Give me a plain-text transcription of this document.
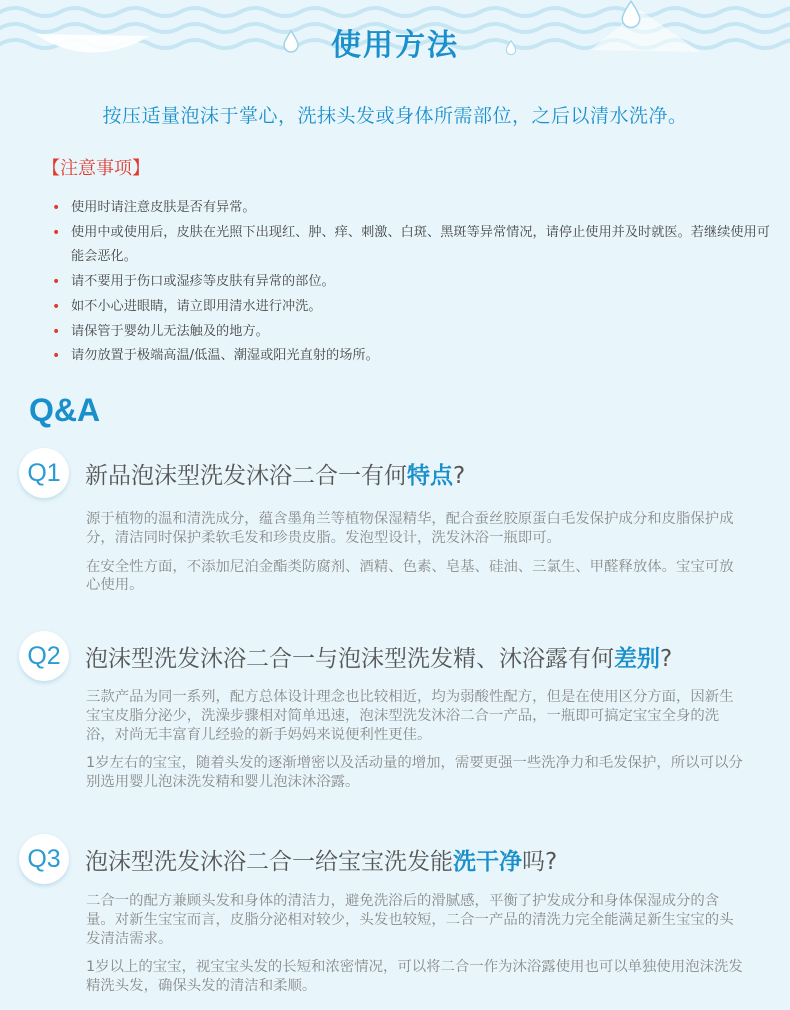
使用方法
按压适量泡沫于掌心，洗抹头发或身体所需部位，之后以清水洗净。
【注意事项】
• 使用时请注意皮肤是否有异常。
• 使用中或使用后，皮肤在光照下出现红、肿、痒、刺激、白斑、黑斑等异常情况，请停止使用并及时就医。若继续使用可能会恶化。
• 请不要用于伤口或湿疹等皮肤有异常的部位。
• 如不小心进眼睛，请立即用清水进行冲洗。
• 请保管于婴幼儿无法触及的地方。
• 请勿放置于极端高温/低温、潮湿或阳光直射的场所。
Q&A
Q1	新品泡沫型洗发沐浴二合一有何特点?

源于植物的温和清洗成分，蕴含墨角兰等植物保湿精华，配合蚕丝胶原蛋白毛发保护成分和皮脂保护成分，清洁同时保护柔软毛发和珍贵皮脂。发泡型设计，洗发沐浴一瓶即可。

在安全性方面，不添加尼泊金酯类防腐剂、酒精、色素、皂基、硅油、三氯生、甲醛释放体。宝宝可放心使用。

Q2	泡沫型洗发沐浴二合一与泡沫型洗发精、沐浴露有何差别?

三款产品为同一系列，配方总体设计理念也比较相近，均为弱酸性配方，但是在使用区分方面，因新生宝宝皮脂分泌少，洗澡步骤相对简单迅速，泡沫型洗发沐浴二合一产品，一瓶即可搞定宝宝全身的洗浴，对尚无丰富育儿经验的新手妈妈来说便利性更佳。

1岁左右的宝宝，随着头发的逐渐增密以及活动量的增加，需要更强一些洗净力和毛发保护，所以可以分别选用婴儿泡沫洗发精和婴儿泡沫沐浴露。

Q3	泡沫型洗发沐浴二合一给宝宝洗发能洗干净吗?

二合一的配方兼顾头发和身体的清洁力，避免洗浴后的滑腻感，平衡了护发成分和身体保湿成分的含量。对新生宝宝而言，皮脂分泌相对较少，头发也较短，二合一产品的清洗力完全能满足新生宝宝的头发清洁需求。

1岁以上的宝宝，视宝宝头发的长短和浓密情况，可以将二合一作为沐浴露使用也可以单独使用泡沫洗发精洗头发，确保头发的清洁和柔顺。
